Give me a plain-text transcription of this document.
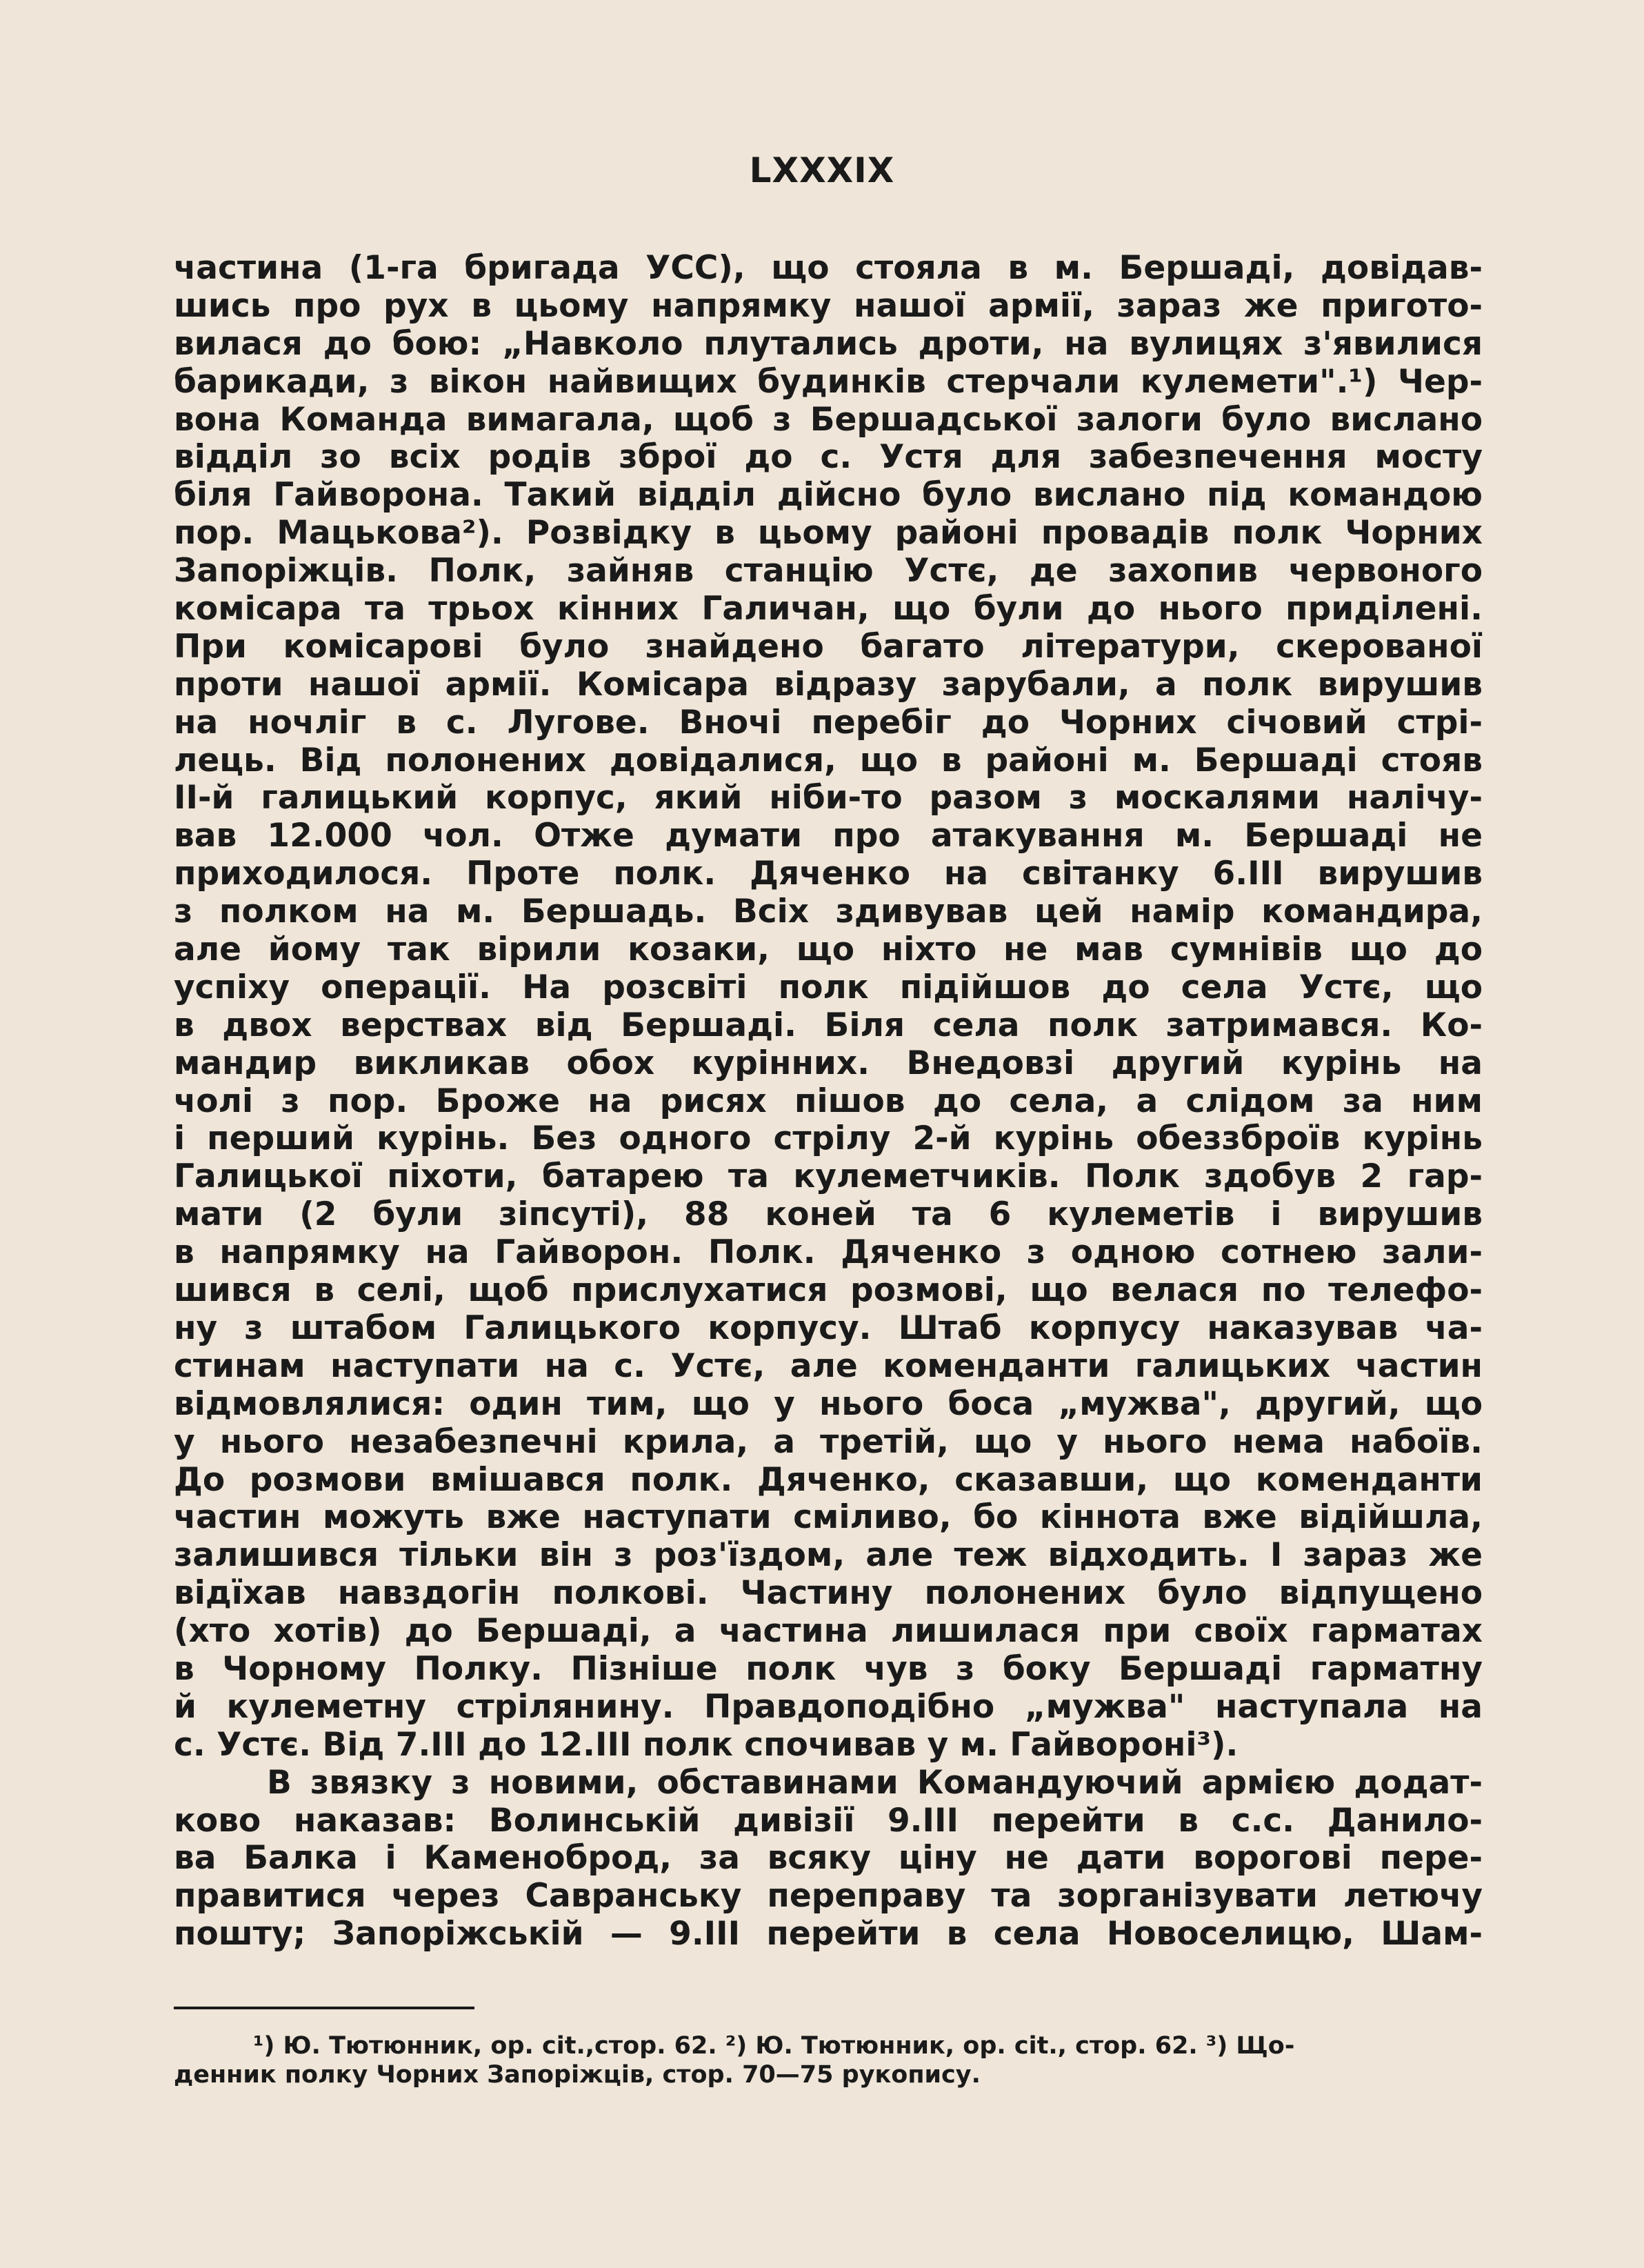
LXXXIX
частина (1-га бригада УСС), що стояла в м. Бершаді, довідав-
шись про рух в цьому напрямку нашої армії, зараз же пригото-
вилася до бою: „Навколо плутались дроти, на вулицях з'явилися
барикади, з вікон найвищих будинків стерчали кулемети".¹) Чер-
вона Команда вимагала, щоб з Бершадської залоги було вислано
відділ зо всіх родів зброї до с. Устя для забезпечення мосту
біля Гайворона. Такий відділ дійсно було вислано під командою
пор. Мацькова²). Розвідку в цьому районі провадів полк Чорних
Запоріжців. Полк, зайняв станцію Устє, де захопив червоного
комісара та трьох кінних Галичан, що були до нього приділені.
При комісарові було знайдено багато літератури, скерованої
проти нашої армії. Комісара відразу зарубали, а полк вирушив
на ночліг в с. Лугове. Вночі перебіг до Чорних січовий стрі-
лець. Від полонених довідалися, що в районі м. Бершаді стояв
II-й галицький корпус, який ніби-то разом з москалями налічу-
вав 12.000 чол. Отже думати про атакування м. Бершаді не
приходилося. Проте полк. Дяченко на світанку 6.III вирушив
з полком на м. Бершадь. Всіх здивував цей намір командира,
але йому так вірили козаки, що ніхто не мав сумнівів що до
успіху операції. На розсвіті полк підійшов до села Устє, що
в двох верствах від Бершаді. Біля села полк затримався. Ко-
мандир викликав обох курінних. Внедовзі другий курінь на
чолі з пор. Броже на рисях пішов до села, а слідом за ним
і перший курінь. Без одного стрілу 2-й курінь обеззброїв курінь
Галицької піхоти, батарею та кулеметчиків. Полк здобув 2 гар-
мати (2 були зіпсуті), 88 коней та 6 кулеметів і вирушив
в напрямку на Гайворон. Полк. Дяченко з одною сотнею зали-
шився в селі, щоб прислухатися розмові, що велася по телефо-
ну з штабом Галицького корпусу. Штаб корпусу наказував ча-
стинам наступати на с. Устє, але коменданти галицьких частин
відмовлялися: один тим, що у нього боса „мужва", другий, що
у нього незабезпечні крила, а третій, що у нього нема набоїв.
До розмови вмішався полк. Дяченко, сказавши, що коменданти
частин можуть вже наступати сміливо, бо кіннота вже відійшла,
залишився тільки він з роз'їздом, але теж відходить. І зараз же
відїхав навздогін полкові. Частину полонених було відпущено
(хто хотів) до Бершаді, а частина лишилася при своїх гарматах
в Чорному Полку. Пізніше полк чув з боку Бершаді гарматну
й кулеметну стрілянину. Правдоподібно „мужва" наступала на
с. Устє. Від 7.III до 12.III полк спочивав у м. Гайвороні³).
В звязку з новими, обставинами Командуючий армією додат-
ково наказав: Волинській дивізії 9.III перейти в с.с. Данило-
ва Балка і Каменоброд, за всяку ціну не дати ворогові пере-
правитися через Савранську переправу та зорганізувати летючу
пошту; Запоріжській — 9.III перейти в села Новоселицю, Шам-
¹) Ю. Тютюнник, op. cit.,стор. 62. ²) Ю. Тютюнник, op. cit., стор. 62. ³) Що-
денник полку Чорних Запоріжців, стор. 70—75 рукопису.
